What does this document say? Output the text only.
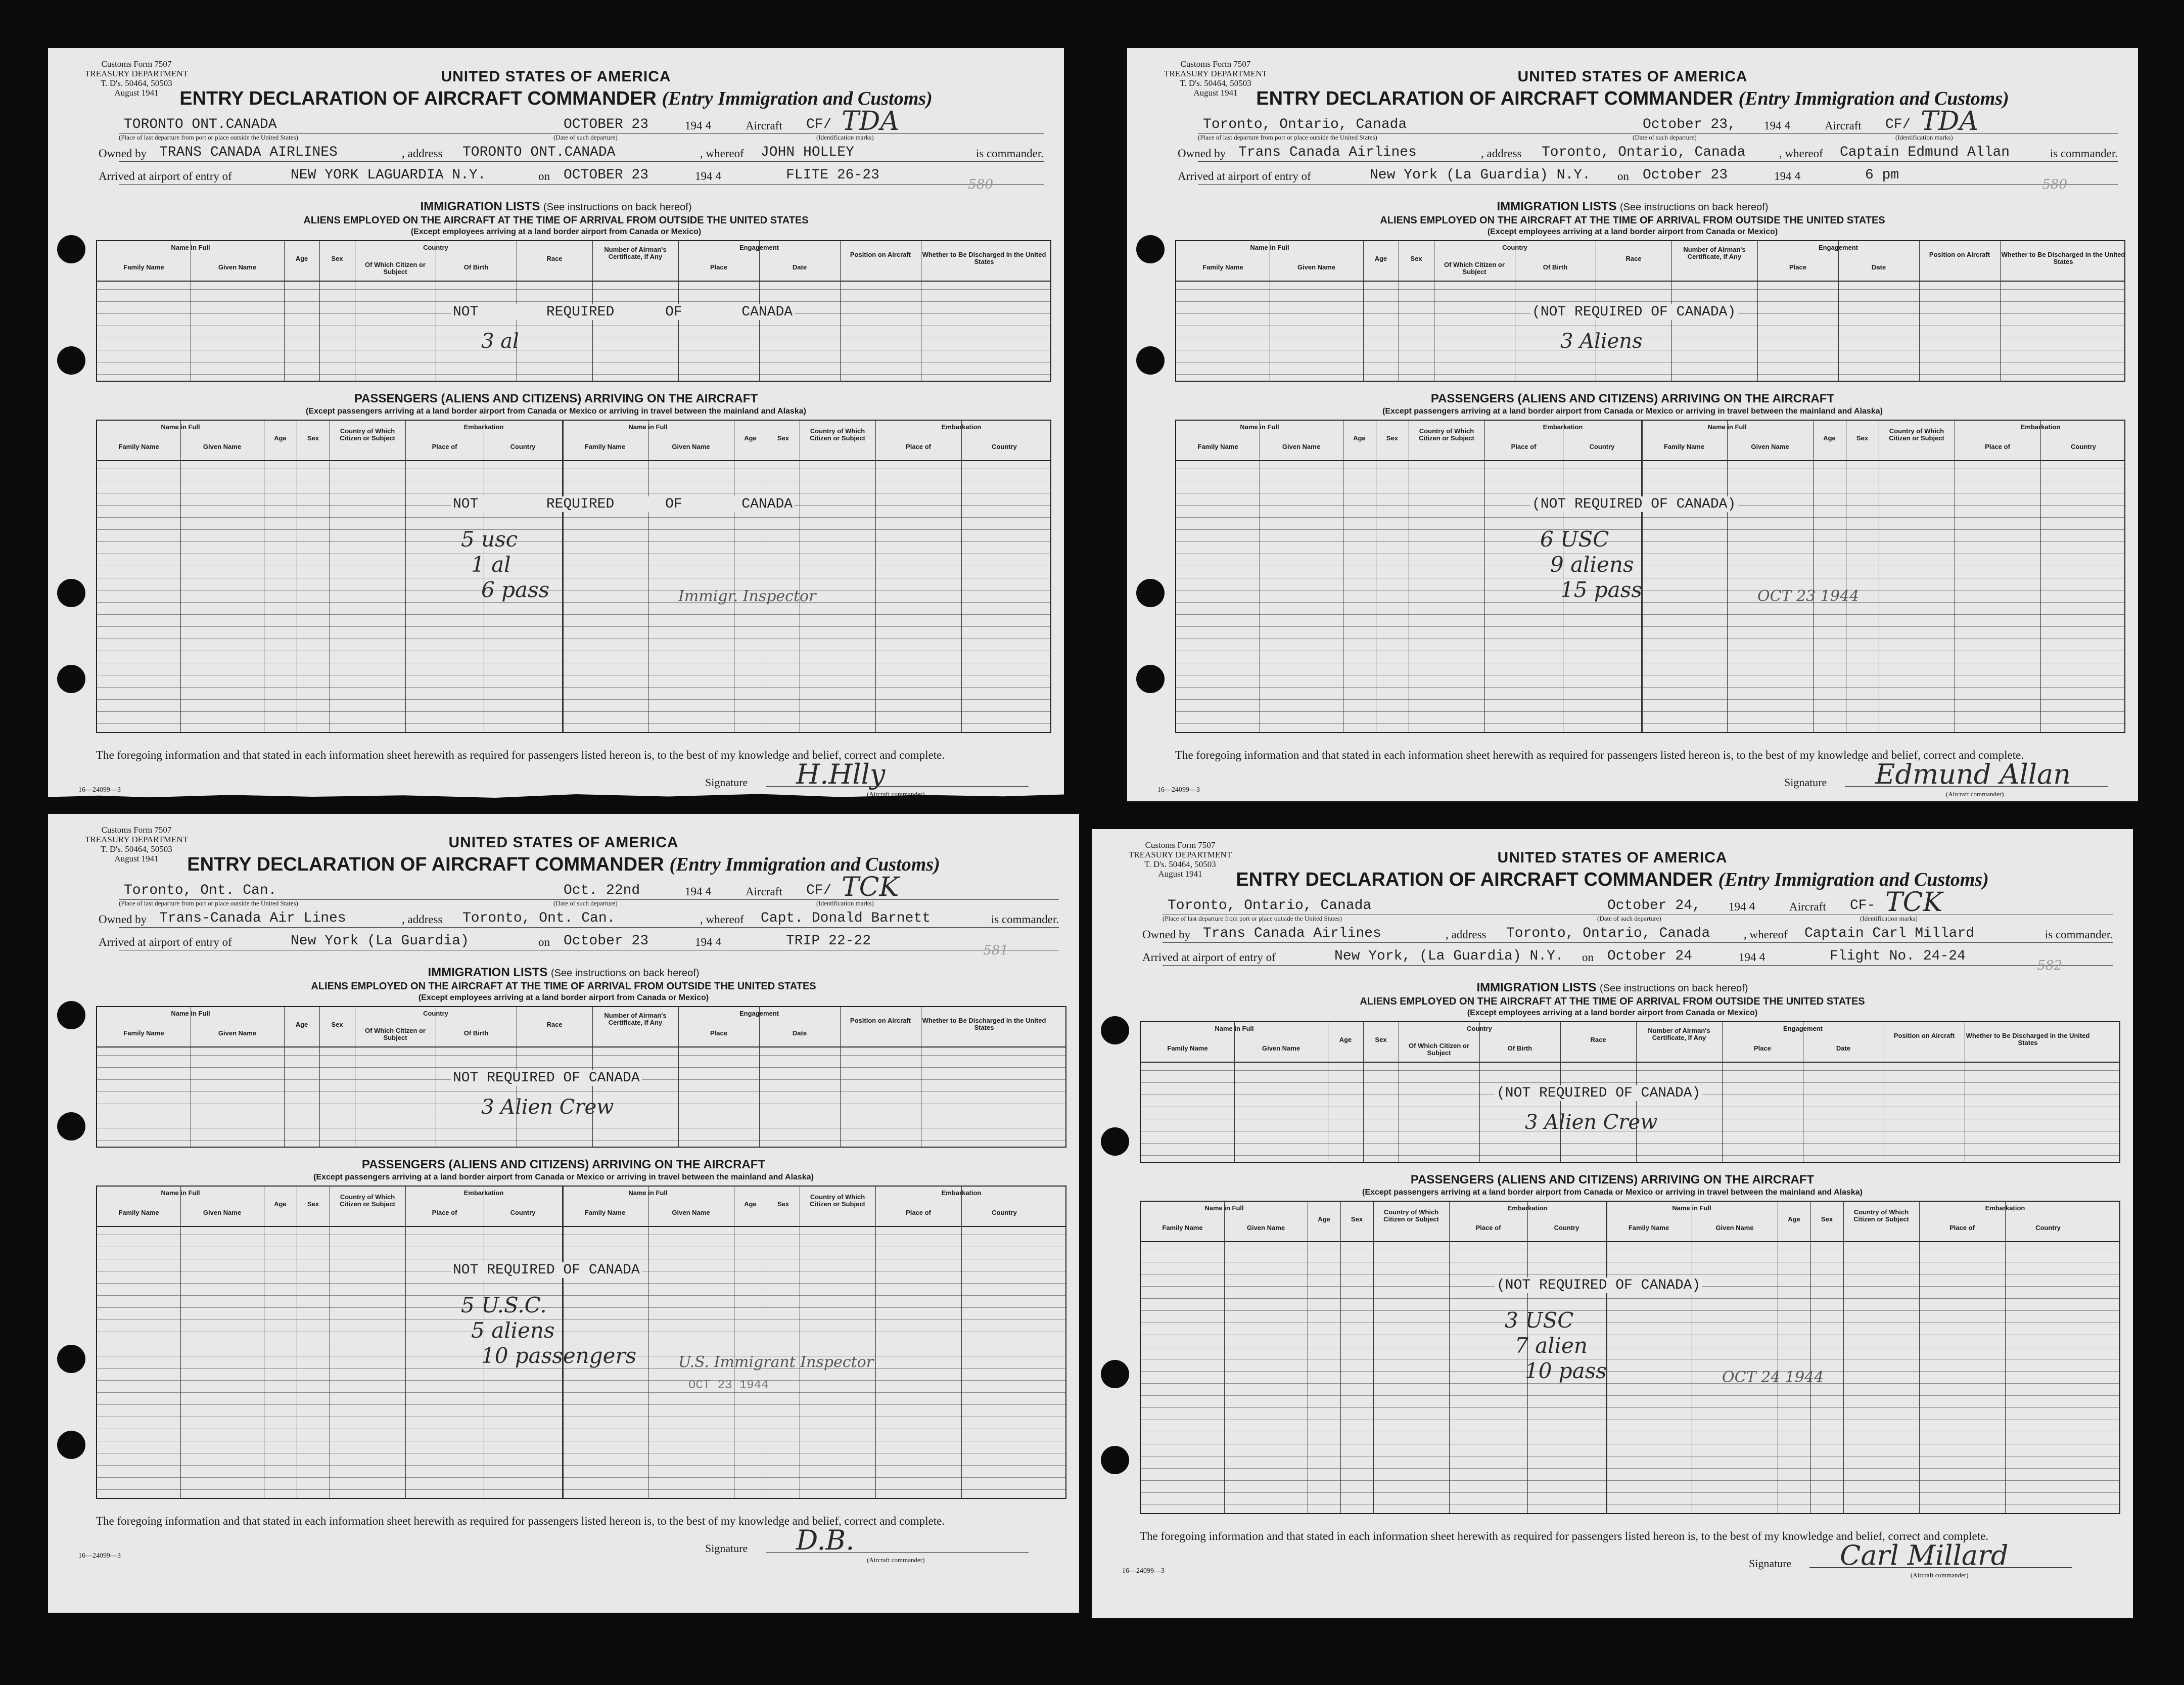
Customs Form 7507
TREASURY DEPARTMENT
T. D's. 50464, 50503
August 1941
UNITED STATES OF AMERICA
ENTRY DECLARATION OF AIRCRAFT COMMANDER (Entry Immigration and Customs)
TORONTO ONT.CANADA	OCTOBER 23	194 4	Aircraft CF/ TDA
(Place of last departure from port or place outside the United States)	(Date of such departure)	(Identification marks)
Owned by TRANS CANADA AIRLINES	, address TORONTO ONT.CANADA	, whereof JOHN HOLLEY	is commander.
Arrived at airport of entry of	NEW YORK LAGUARDIA N.Y.	on OCTOBER 23	194 4	FLITE 26-23
IMMIGRATION LISTS (See instructions on back hereof)
ALIENS EMPLOYED ON THE AIRCRAFT AT THE TIME OF ARRIVAL FROM OUTSIDE THE UNITED STATES
(Except employees arriving at a land border airport from Canada or Mexico)
580
Name in Full
Family Name	Given Name
Age	Sex
Country
Of Which Citizen or Subject
Of Birth
Race
Number of Airman's Certificate, If Any
Engagement
Place	Date
Position on Aircraft	Whether to Be Discharged in the United States
NOT        REQUIRED      OF       CANADA
3 al
PASSENGERS (ALIENS AND CITIZENS) ARRIVING ON THE AIRCRAFT
(Except passengers arriving at a land border airport from Canada or Mexico or arriving in travel between the mainland and Alaska)
Name in Full
Family Name	Given Name
Age	Sex
Country of Which Citizen or Subject
Embarkation
Place of	Country
Name in Full
Family Name	Given Name
Age	Sex
Country of Which Citizen or Subject
Embarkation
Place of	Country
NOT        REQUIRED      OF       CANADA
5 usc
1 al
6 pass	Immigr. Inspector
The foregoing information and that stated in each information sheet herewith as required for passengers listed hereon is, to the best of my knowledge and belief, correct and complete.
Signature H.Hlly
(Aircraft commander)
16—24099—3
Customs Form 7507
TREASURY DEPARTMENT
T. D's. 50464, 50503
August 1941
UNITED STATES OF AMERICA
ENTRY DECLARATION OF AIRCRAFT COMMANDER (Entry Immigration and Customs)
Toronto, Ontario, Canada	October 23, 194 4	Aircraft CF/ TDA
(Place of last departure from port or place outside the United States)	(Date of such departure)	(Identification marks)
Owned by Trans Canada Airlines	, address Toronto, Ontario, Canada	, whereof Captain Edmund Allan	is commander.
Arrived at airport of entry of	New York (La Guardia) N.Y. on October 23	194 4	6 pm
IMMIGRATION LISTS (See instructions on back hereof)
ALIENS EMPLOYED ON THE AIRCRAFT AT THE TIME OF ARRIVAL FROM OUTSIDE THE UNITED STATES
(Except employees arriving at a land border airport from Canada or Mexico)
580
Name in Full
Family Name	Given Name
Age	Sex
Country
Of Which Citizen or Subject
Of Birth
Race
Number of Airman's Certificate, If Any
Engagement
Place	Date
Position on Aircraft	Whether to Be Discharged in the United States
(NOT REQUIRED OF CANADA)
3 Aliens
PASSENGERS (ALIENS AND CITIZENS) ARRIVING ON THE AIRCRAFT
(Except passengers arriving at a land border airport from Canada or Mexico or arriving in travel between the mainland and Alaska)
Name in Full
Family Name	Given Name
Age	Sex
Country of Which Citizen or Subject
Embarkation
Place of	Country
Name in Full
Family Name	Given Name
Age	Sex
Country of Which Citizen or Subject
Embarkation
Place of	Country
(NOT REQUIRED OF CANADA)
6 USC
9 aliens
15 pass	OCT 23 1944
The foregoing information and that stated in each information sheet herewith as required for passengers listed hereon is, to the best of my knowledge and belief, correct and complete.
Signature Edmund Allan
(Aircraft commander)
16—24099—3
Customs Form 7507
TREASURY DEPARTMENT
T. D's. 50464, 50503
August 1941
UNITED STATES OF AMERICA
ENTRY DECLARATION OF AIRCRAFT COMMANDER (Entry Immigration and Customs)
Toronto, Ont. Can.	Oct. 22nd	194 4	Aircraft CF/ TCK
(Place of last departure from port or place outside the United States)	(Date of such departure)	(Identification marks)
Owned by Trans-Canada Air Lines	, address Toronto, Ont. Can.	, whereof Capt. Donald Barnett	is commander.
Arrived at airport of entry of	New York (La Guardia)	on October 23	194 4	TRIP 22-22
IMMIGRATION LISTS (See instructions on back hereof)
ALIENS EMPLOYED ON THE AIRCRAFT AT THE TIME OF ARRIVAL FROM OUTSIDE THE UNITED STATES
(Except employees arriving at a land border airport from Canada or Mexico)
581
Name in Full
Family Name	Given Name
Age	Sex
Country
Of Which Citizen or Subject
Of Birth
Race
Number of Airman's Certificate, If Any
Engagement
Place	Date
Position on Aircraft	Whether to Be Discharged in the United States
NOT REQUIRED OF CANADA
3 Alien Crew
PASSENGERS (ALIENS AND CITIZENS) ARRIVING ON THE AIRCRAFT
(Except passengers arriving at a land border airport from Canada or Mexico or arriving in travel between the mainland and Alaska)
Name in Full
Family Name	Given Name
Age	Sex
Country of Which Citizen or Subject
Embarkation
Place of	Country
Name in Full
Family Name	Given Name
Age	Sex
Country of Which Citizen or Subject
Embarkation
Place of	Country
NOT REQUIRED OF CANADA
5 U.S.C.
5 aliens
10 passengers	U.S. Immigrant Inspector
OCT 23 1944
The foregoing information and that stated in each information sheet herewith as required for passengers listed hereon is, to the best of my knowledge and belief, correct and complete.
Signature D.B.
(Aircraft commander)
16—24099—3
Customs Form 7507
TREASURY DEPARTMENT
T. D's. 50464, 50503
August 1941
UNITED STATES OF AMERICA
ENTRY DECLARATION OF AIRCRAFT COMMANDER (Entry Immigration and Customs)
Toronto, Ontario, Canada	October 24, 194 4	Aircraft CF- TCK
(Place of last departure from port or place outside the United States)	(Date of such departure)	(Identification marks)
Owned by Trans Canada Airlines	, address Toronto, Ontario, Canada	, whereof Captain Carl Millard	is commander.
Arrived at airport of entry of	New York, (La Guardia) N.Y. on October 24	194 4	Flight No. 24-24
IMMIGRATION LISTS (See instructions on back hereof)
ALIENS EMPLOYED ON THE AIRCRAFT AT THE TIME OF ARRIVAL FROM OUTSIDE THE UNITED STATES
(Except employees arriving at a land border airport from Canada or Mexico)
582
Name in Full
Family Name	Given Name
Age	Sex
Country
Of Which Citizen or Subject
Of Birth
Race
Number of Airman's Certificate, If Any
Engagement
Place	Date
Position on Aircraft	Whether to Be Discharged in the United States
(NOT REQUIRED OF CANADA)
3 Alien Crew
PASSENGERS (ALIENS AND CITIZENS) ARRIVING ON THE AIRCRAFT
(Except passengers arriving at a land border airport from Canada or Mexico or arriving in travel between the mainland and Alaska)
Name in Full
Family Name	Given Name
Age	Sex
Country of Which Citizen or Subject
Embarkation
Place of	Country
Name in Full
Family Name	Given Name
Age	Sex
Country of Which Citizen or Subject
Embarkation
Place of	Country
(NOT REQUIRED OF CANADA)
3 USC
7 alien
10 pass	OCT 24 1944
The foregoing information and that stated in each information sheet herewith as required for passengers listed hereon is, to the best of my knowledge and belief, correct and complete.
Signature Carl Millard
(Aircraft commander)
16—24099—3
